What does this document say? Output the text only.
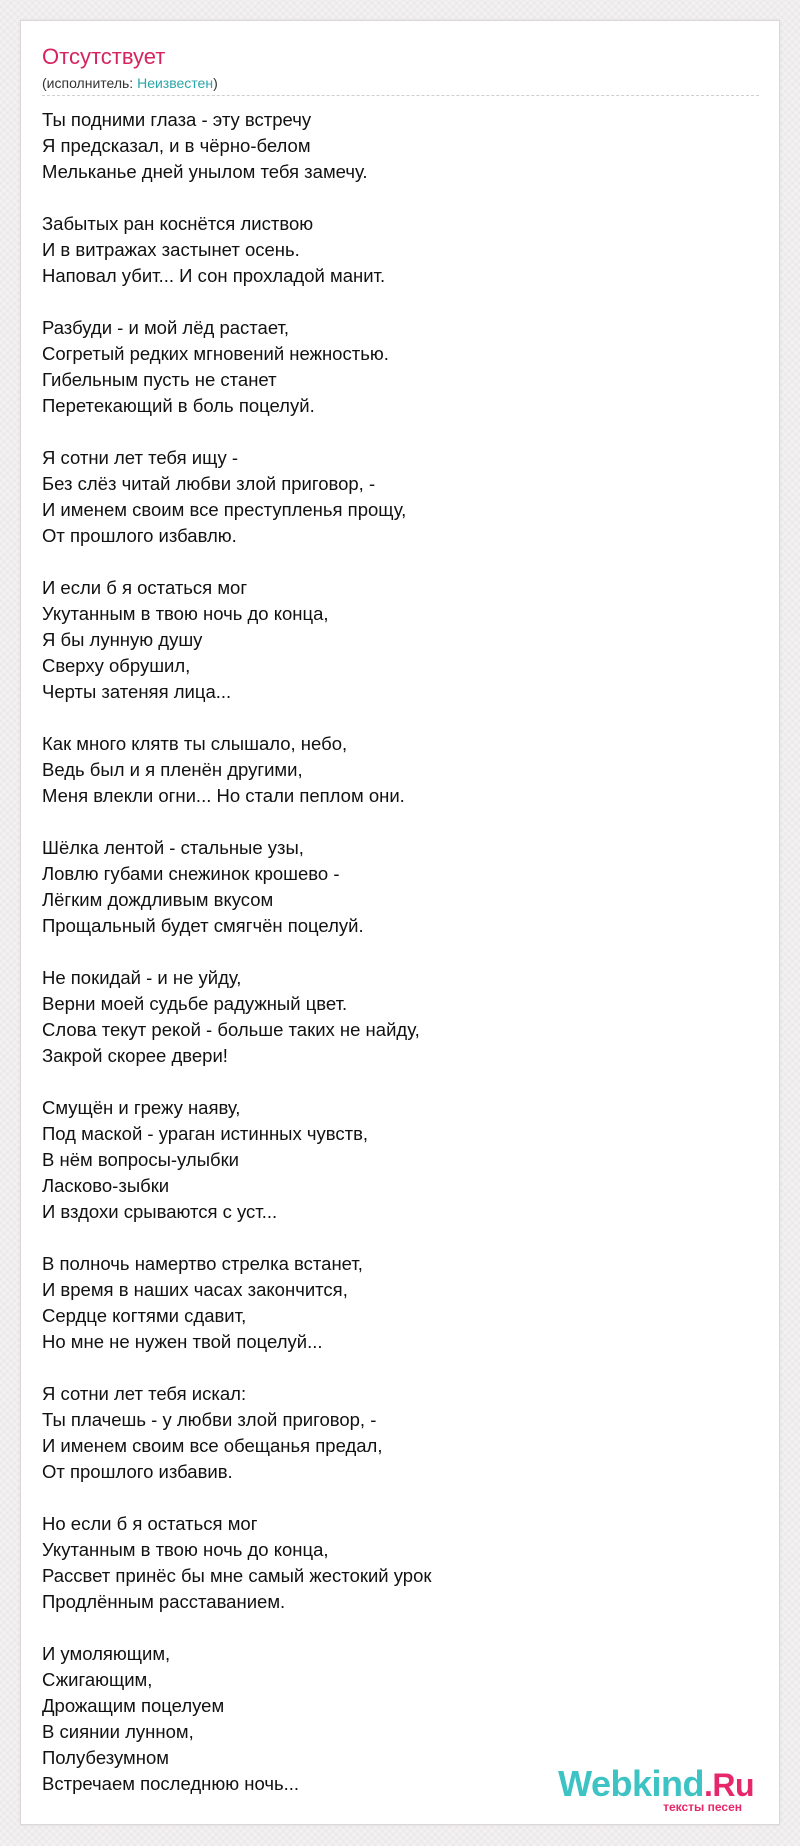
Отсутствует
(исполнитель: Неизвестен)
Ты подними глаза - эту встречу
Я предсказал, и в чёрно-белом
Мельканье дней унылом тебя замечу.

Забытых ран коснётся листвою
И в витражах застынет осень.
Наповал убит... И сон прохладой манит.

Разбуди - и мой лёд растает,
Согретый редких мгновений нежностью.
Гибельным пусть не станет
Перетекающий в боль поцелуй.

Я сотни лет тебя ищу -
Без слёз читай любви злой приговор, -
И именем своим все преступленья прощу,
От прошлого избавлю.

И если б я остаться мог
Укутанным в твою ночь до конца,
Я бы лунную душу
Сверху обрушил,
Черты затеняя лица...

Как много клятв ты слышало, небо,
Ведь был и я пленён другими,
Меня влекли огни... Но стали пеплом они.

Шёлка лентой - стальные узы,
Ловлю губами снежинок крошево -
Лёгким дождливым вкусом
Прощальный будет смягчён поцелуй.

Не покидай - и не уйду,
Верни моей судьбе радужный цвет.
Слова текут рекой - больше таких не найду,
Закрой скорее двери!

Смущён и грежу наяву,
Под маской - ураган истинных чувств,
В нём вопросы-улыбки
Ласково-зыбки
И вздохи срываются с уст...

В полночь намертво стрелка встанет,
И время в наших часах закончится,
Сердце когтями сдавит,
Но мне не нужен твой поцелуй...

Я сотни лет тебя искал:
Ты плачешь - у любви злой приговор, -
И именем своим все обещанья предал,
От прошлого избавив.

Но если б я остаться мог
Укутанным в твою ночь до конца,
Рассвет принёс бы мне самый жестокий урок
Продлённым расставанием.

И умоляющим,
Сжигающим,
Дрожащим поцелуем
В сиянии лунном,
Полубезумном
Встречаем последнюю ночь...	Webkind.Ru
тексты песен
